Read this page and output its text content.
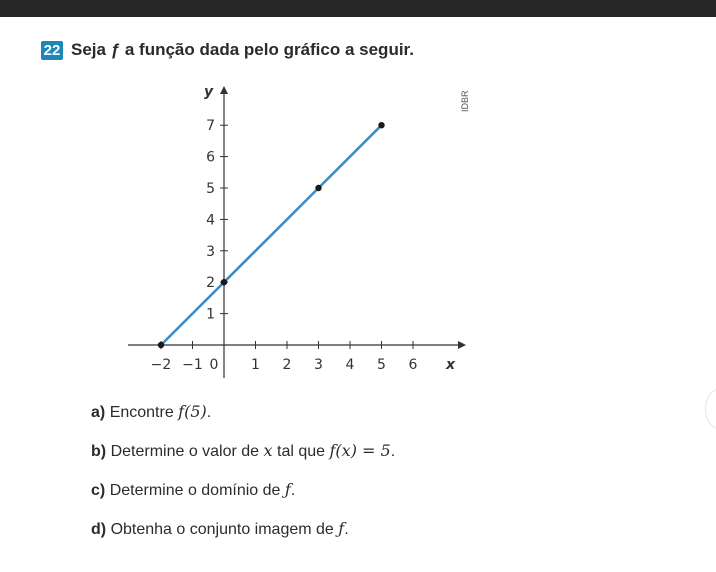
22 Seja ƒ a função dada pelo gráfico a seguir.
−2 −1 0 1 2 3 4 5 6
1
2
3
4
5
6
7
x
y	IDBR
a) Encontre f(5).
b) Determine o valor de x tal que f(x) = 5.
c) Determine o domínio de ƒ.
d) Obtenha o conjunto imagem de ƒ.
